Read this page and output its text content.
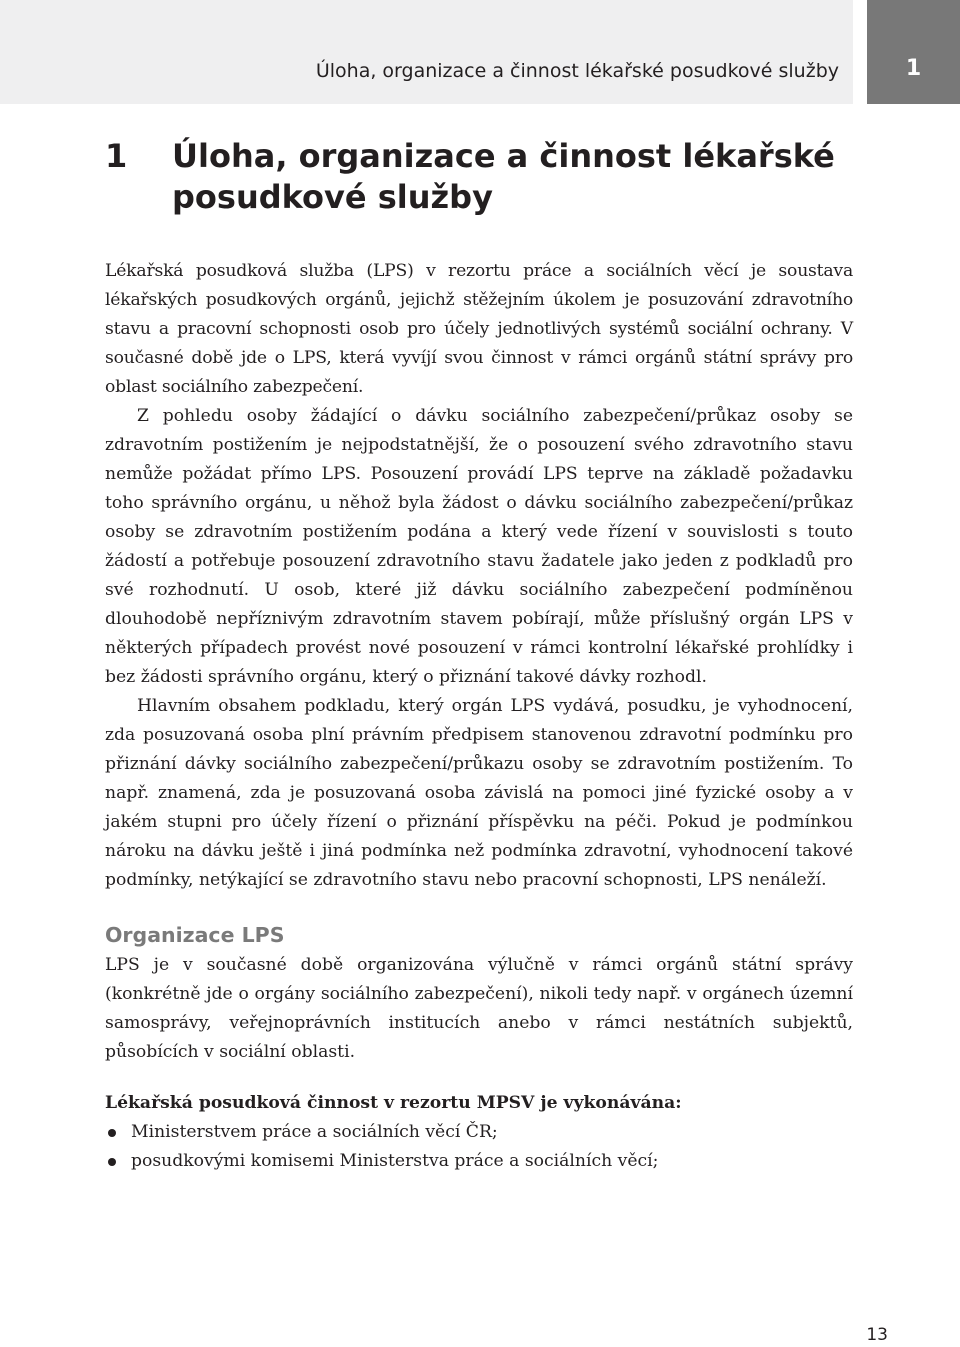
Úloha, organizace a činnost lékařské posudkové služby	1
1 Úloha, organizace a činnost lékařské posudkové služby

Lékařská posudková služba (LPS) v rezortu práce a sociálních věcí je soustava lékařských posudkových orgánů, jejichž stěžejním úkolem je posuzování zdravotního stavu a pracovní schopnosti osob pro účely jednotlivých systémů sociální ochrany. V současné době jde o LPS, která vyvíjí svou činnost v rámci orgánů státní správy pro oblast sociálního zabezpečení.

Z pohledu osoby žádající o dávku sociálního zabezpečení/průkaz osoby se zdravotním postižením je nejpodstatnější, že o posouzení svého zdravotního stavu nemůže požádat přímo LPS. Posouzení provádí LPS teprve na základě požadavku toho správního orgánu, u něhož byla žádost o dávku sociálního zabezpečení/průkaz osoby se zdravotním postižením podána a který vede řízení v souvislosti s touto žádostí a potřebuje posouzení zdravotního stavu žadatele jako jeden z podkladů pro své rozhodnutí. U osob, které již dávku sociálního zabezpečení podmíněnou dlouhodobě nepříznivým zdravotním stavem pobírají, může příslušný orgán LPS v některých případech provést nové posouzení v rámci kontrolní lékařské prohlídky i bez žádosti správního orgánu, který o přiznání takové dávky rozhodl.

Hlavním obsahem podkladu, který orgán LPS vydává, posudku, je vyhodnocení, zda posuzovaná osoba plní právním předpisem stanovenou zdravotní podmínku pro přiznání dávky sociálního zabezpečení/průkazu osoby se zdravotním postižením. To např. znamená, zda je posuzovaná osoba závislá na pomoci jiné fyzické osoby a v jakém stupni pro účely řízení o přiznání příspěvku na péči. Pokud je podmínkou nároku na dávku ještě i jiná podmínka než podmínka zdravotní, vyhodnocení takové podmínky, netýkající se zdravotního stavu nebo pracovní schopnosti, LPS nenáleží.

Organizace LPS

LPS je v současné době organizována výlučně v rámci orgánů státní správy (konkrétně jde o orgány sociálního zabezpečení), nikoli tedy např. v orgánech územní samosprávy, veřejnoprávních institucích anebo v rámci nestátních subjektů, působících v sociální oblasti.

Lékařská posudková činnost v rezortu MPSV je vykonávána:

Ministerstvem práce a sociálních věcí ČR;
posudkovými komisemi Ministerstva práce a sociálních věcí;
13
